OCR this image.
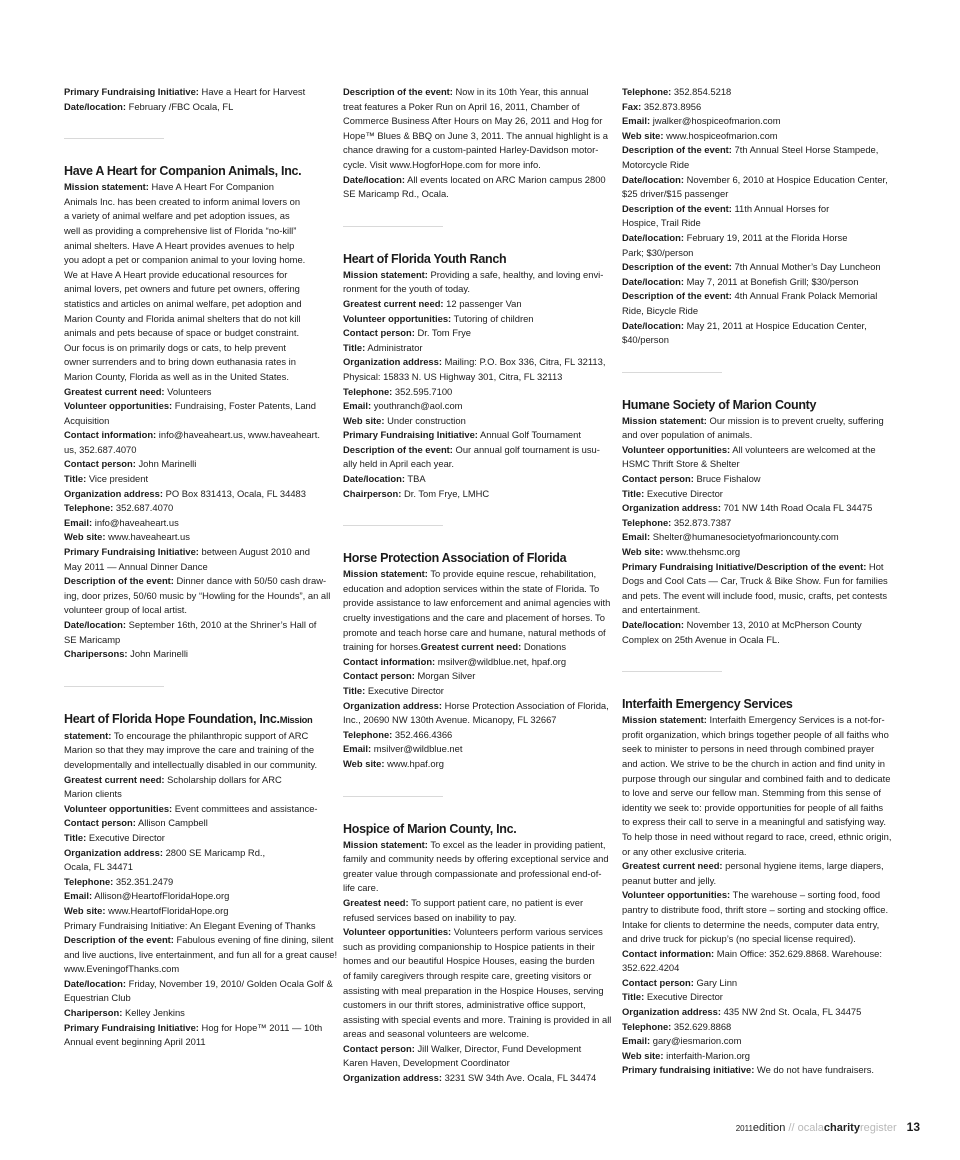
Primary Fundraising Initiative: Have a Heart for Harvest
Date/location: February /FBC Ocala, FL
Have A Heart for Companion Animals, Inc.
Mission statement: Have A Heart For Companion
Animals Inc. has been created to inform animal lovers on
a variety of animal welfare and pet adoption issues, as
well as providing a comprehensive list of Florida “no-kill”
animal shelters. Have A Heart provides avenues to help
you adopt a pet or companion animal to your loving home.
We at Have A Heart provide educational resources for
animal lovers, pet owners and future pet owners, offering
statistics and articles on animal welfare, pet adoption and
Marion County and Florida animal shelters that do not kill
animals and pets because of space or budget constraint.
Our focus is on primarily dogs or cats, to help prevent
owner surrenders and to bring down euthanasia rates in
Marion County, Florida as well as in the United States.
Greatest current need: Volunteers
Volunteer opportunities: Fundraising, Foster Patents, Land
Acquisition
Contact information: info@haveaheart.us, www.haveaheart.
us, 352.687.4070
Contact person: John Marinelli
Title: Vice president
Organization address: PO Box 831413, Ocala, FL 34483
Telephone: 352.687.4070
Email: info@haveaheart.us
Web site: www.haveaheart.us
Primary Fundraising Initiative: between August 2010 and
May 2011 — Annual Dinner Dance
Description of the event: Dinner dance with 50/50 cash draw-
ing, door prizes, 50/60 music by “Howling for the Hounds”, an all
volunteer group of local artist.
Date/location: September 16th, 2010 at the Shriner’s Hall of
SE Maricamp
Charipersons: John Marinelli
Heart of Florida Hope Foundation, Inc.Mission
statement: To encourage the philanthropic support of ARC
Marion so that they may improve the care and training of the
developmentally and intellectually disabled in our community.
Greatest current need: Scholarship dollars for ARC
Marion clients
Volunteer opportunities: Event committees and assistance-
Contact person: Allison Campbell
Title: Executive Director
Organization address: 2800 SE Maricamp Rd.,
Ocala, FL 34471
Telephone: 352.351.2479
Email: Allison@HeartofFloridaHope.org
Web site: www.HeartofFloridaHope.org
Primary Fundraising Initiative: An Elegant Evening of Thanks
Description of the event: Fabulous evening of fine dining, silent
and live auctions, live entertainment, and fun all for a great cause!
www.EveningofThanks.com
Date/location: Friday, November 19, 2010/ Golden Ocala Golf &
Equestrian Club
Chariperson: Kelley Jenkins
Primary Fundraising Initiative: Hog for Hope™ 2011 — 10th
Annual event beginning April 2011
Description of the event: Now in its 10th Year, this annual
treat features a Poker Run on April 16, 2011, Chamber of
Commerce Business After Hours on May 26, 2011 and Hog for
Hope™ Blues & BBQ on June 3, 2011. The annual highlight is a
chance drawing for a custom-painted Harley-Davidson motor-
cycle. Visit www.HogforHope.com for more info.
Date/location: All events located on ARC Marion campus 2800
SE Maricamp Rd., Ocala.
Heart of Florida Youth Ranch
Mission statement: Providing a safe, healthy, and loving envi-
ronment for the youth of today.
Greatest current need: 12 passenger Van
Volunteer opportunities: Tutoring of children
Contact person: Dr. Tom Frye
Title: Administrator
Organization address: Mailing: P.O. Box 336, Citra, FL 32113,
Physical: 15833 N. US Highway 301, Citra, FL 32113
Telephone: 352.595.7100
Email: youthranch@aol.com
Web site: Under construction
Primary Fundraising Initiative: Annual Golf Tournament
Description of the event: Our annual golf tournament is usu-
ally held in April each year.
Date/location: TBA
Chairperson: Dr. Tom Frye, LMHC
Horse Protection Association of Florida
Mission statement: To provide equine rescue, rehabilitation,
education and adoption services within the state of Florida. To
provide assistance to law enforcement and animal agencies with
cruelty investigations and the care and placement of horses. To
promote and teach horse care and humane, natural methods of
training for horses.Greatest current need: Donations
Contact information: msilver@wildblue.net, hpaf.org
Contact person: Morgan Silver
Title: Executive Director
Organization address: Horse Protection Association of Florida,
Inc., 20690 NW 130th Avenue. Micanopy, FL 32667
Telephone: 352.466.4366
Email: msilver@wildblue.net
Web site: www.hpaf.org
Hospice of Marion County, Inc.
Mission statement: To excel as the leader in providing patient,
family and community needs by offering exceptional service and
greater value through compassionate and professional end-of-
life care.
Greatest need: To support patient care, no patient is ever
refused services based on inability to pay.
Volunteer opportunities: Volunteers perform various services
such as providing companionship to Hospice patients in their
homes and our beautiful Hospice Houses, easing the burden
of family caregivers through respite care, greeting visitors or
assisting with meal preparation in the Hospice Houses, serving
customers in our thrift stores, administrative office support,
assisting with special events and more. Training is provided in all
areas and seasonal volunteers are welcome.
Contact person: Jill Walker, Director, Fund Development
Karen Haven, Development Coordinator
Organization address: 3231 SW 34th Ave. Ocala, FL 34474
Telephone: 352.854.5218
Fax: 352.873.8956
Email: jwalker@hospiceofmarion.com
Web site: www.hospiceofmarion.com
Description of the event: 7th Annual Steel Horse Stampede,
Motorcycle Ride
Date/location: November 6, 2010 at Hospice Education Center,
$25 driver/$15 passenger
Description of the event: 11th Annual Horses for
Hospice, Trail Ride
Date/location: February 19, 2011 at the Florida Horse
Park; $30/person
Description of the event: 7th Annual Mother’s Day Luncheon
Date/location: May 7, 2011 at Bonefish Grill; $30/person
Description of the event: 4th Annual Frank Polack Memorial
Ride, Bicycle Ride
Date/location: May 21, 2011 at Hospice Education Center,
$40/person
Humane Society of Marion County
Mission statement: Our mission is to prevent cruelty, suffering
and over population of animals.
Volunteer opportunities: All volunteers are welcomed at the
HSMC Thrift Store & Shelter
Contact person: Bruce Fishalow
Title: Executive Director
Organization address: 701 NW 14th Road Ocala FL 34475
Telephone: 352.873.7387
Email: Shelter@humanesocietyofmarioncounty.com
Web site: www.thehsmc.org
Primary Fundraising Initiative/Description of the event: Hot
Dogs and Cool Cats — Car, Truck & Bike Show. Fun for families
and pets. The event will include food, music, crafts, pet contests
and entertainment.
Date/location: November 13, 2010 at McPherson County
Complex on 25th Avenue in Ocala FL.
Interfaith Emergency Services
Mission statement: Interfaith Emergency Services is a not-for-
profit organization, which brings together people of all faiths who
seek to minister to persons in need through combined prayer
and action. We strive to be the church in action and find unity in
purpose through our singular and combined faith and to dedicate
to love and serve our fellow man. Stemming from this sense of
identity we seek to: provide opportunities for people of all faiths
to express their call to serve in a meaningful and satisfying way.
To help those in need without regard to race, creed, ethnic origin,
or any other exclusive criteria.
Greatest current need: personal hygiene items, large diapers,
peanut butter and jelly.
Volunteer opportunities: The warehouse – sorting food, food
pantry to distribute food, thrift store – sorting and stocking office.
Intake for clients to determine the needs, computer data entry,
and drive truck for pickup’s (no special license required).
Contact information: Main Office: 352.629.8868. Warehouse:
352.622.4204
Contact person: Gary Linn
Title: Executive Director
Organization address: 435 NW 2nd St. Ocala, FL 34475
Telephone: 352.629.8868
Email: gary@iesmarion.com
Web site: interfaith-Marion.org
Primary fundraising initiative: We do not have fundraisers.
2011edition // ocalacharityregister 13
